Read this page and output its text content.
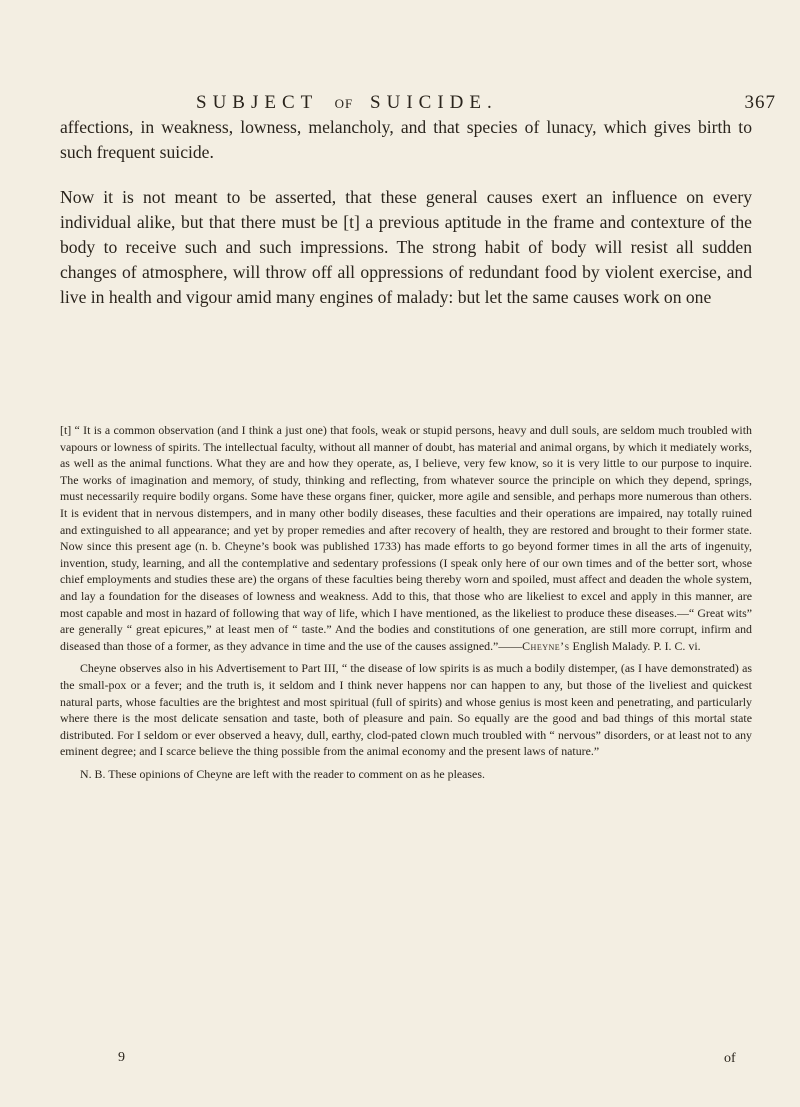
SUBJECT OF SUICIDE.	367

affections, in weakness, lowness, melancholy, and that species of lunacy, which gives birth to such frequent suicide.

Now it is not meant to be asserted, that these general causes exert an influence on every individual alike, but that there must be [t] a previous aptitude in the frame and contexture of the body to receive such and such impressions. The strong habit of body will resist all sudden changes of atmosphere, will throw off all oppressions of redundant food by violent exercise, and live in health and vigour amid many engines of malady: but let the same causes work on one

[t] “ It is a common observation (and I think a just one) that fools, weak or stupid persons, heavy and dull souls, are seldom much troubled with vapours or lowness of spirits. The intellectual faculty, without all manner of doubt, has material and animal organs, by which it mediately works, as well as the animal functions. What they are and how they operate, as, I believe, very few know, so it is very little to our purpose to inquire. The works of imagination and memory, of study, thinking and reflecting, from whatever source the principle on which they depend, springs, must necessarily require bodily organs. Some have these organs finer, quicker, more agile and sensible, and perhaps more numerous than others. It is evident that in nervous distempers, and in many other bodily diseases, these faculties and their operations are impaired, nay totally ruined and extinguished to all appearance; and yet by proper remedies and after recovery of health, they are restored and brought to their former state. Now since this present age (n. b. Cheyne’s book was published 1733) has made efforts to go beyond former times in all the arts of ingenuity, invention, study, learning, and all the contemplative and sedentary professions (I speak only here of our own times and of the better sort, whose chief employments and studies these are) the organs of these faculties being thereby worn and spoiled, must affect and deaden the whole system, and lay a foundation for the diseases of lowness and weakness. Add to this, that those who are likeliest to excel and apply in this manner, are most capable and most in hazard of following that way of life, which I have mentioned, as the likeliest to produce these diseases.—“ Great wits” are generally “ great epicures,” at least men of “ taste.” And the bodies and constitutions of one generation, are still more corrupt, infirm and diseased than those of a former, as they advance in time and the use of the causes assigned.”——Cheyne’s English Malady. P. I. C. vi.

Cheyne observes also in his Advertisement to Part III, “ the disease of low spirits is as much a bodily distemper, (as I have demonstrated) as the small-pox or a fever; and the truth is, it seldom and I think never happens nor can happen to any, but those of the liveliest and quickest natural parts, whose faculties are the brightest and most spiritual (full of spirits) and whose genius is most keen and penetrating, and particularly where there is the most delicate sensation and taste, both of pleasure and pain. So equally are the good and bad things of this mortal state distributed. For I seldom or ever observed a heavy, dull, earthy, clod-pated clown much troubled with “ nervous” disorders, or at least not to any eminent degree; and I scarce believe the thing possible from the animal economy and the present laws of nature.”

N. B. These opinions of Cheyne are left with the reader to comment on as he pleases.

9	of
